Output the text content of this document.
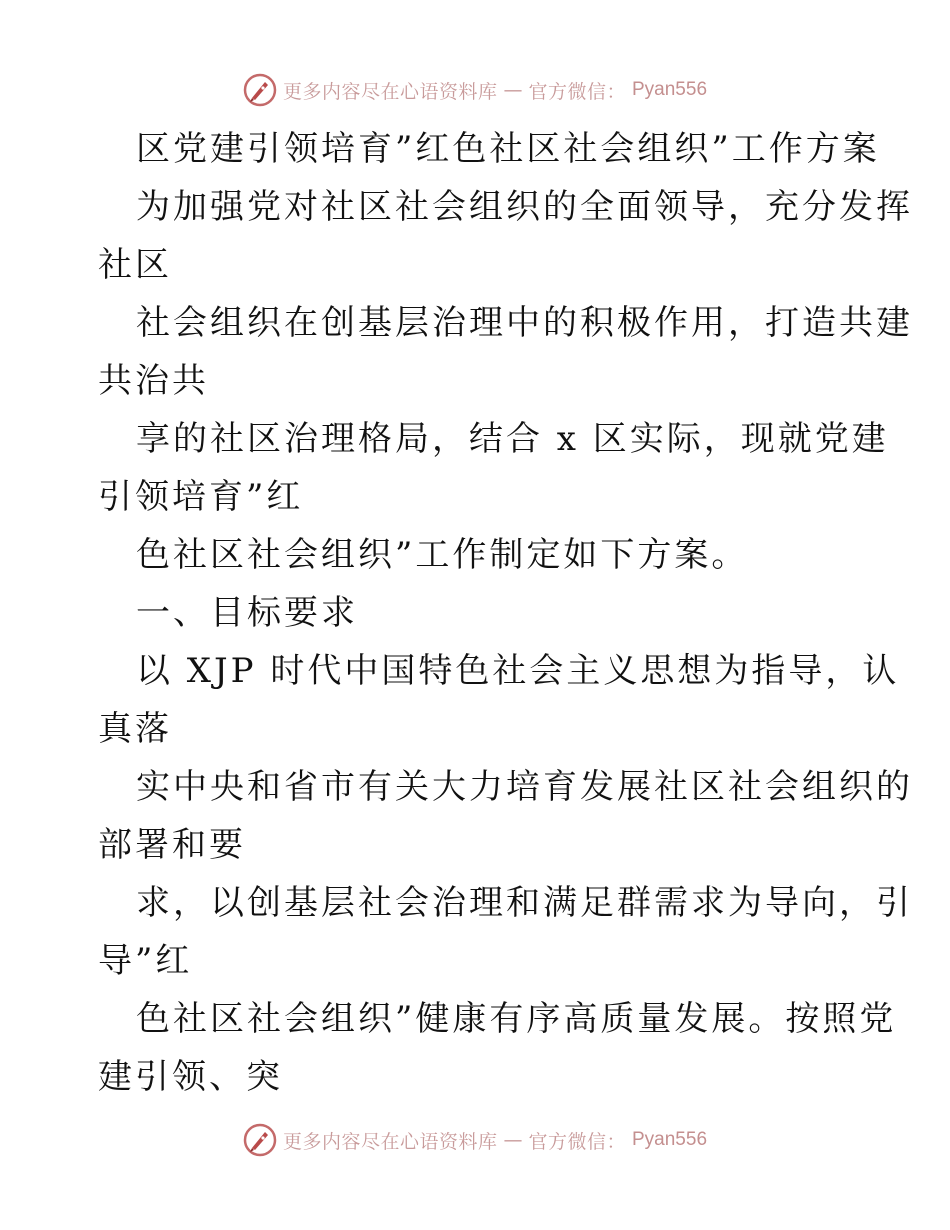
更多内容尽在心语资料库 — 官方微信： Pyan556
区党建引领培育”红色社区社会组织”工作方案
为加强党对社区社会组织的全面领导，充分发挥
社区
社会组织在创基层治理中的积极作用，打造共建
共治共
享的社区治理格局，结合 x 区实际，现就党建
引领培育”红
色社区社会组织”工作制定如下方案。
一、目标要求
以 XJP 时代中国特色社会主义思想为指导，认
真落
实中央和省市有关大力培育发展社区社会组织的
部署和要
求，以创基层社会治理和满足群需求为导向，引
导”红
色社区社会组织”健康有序高质量发展。按照党
建引领、突
更多内容尽在心语资料库 — 官方微信： Pyan556
